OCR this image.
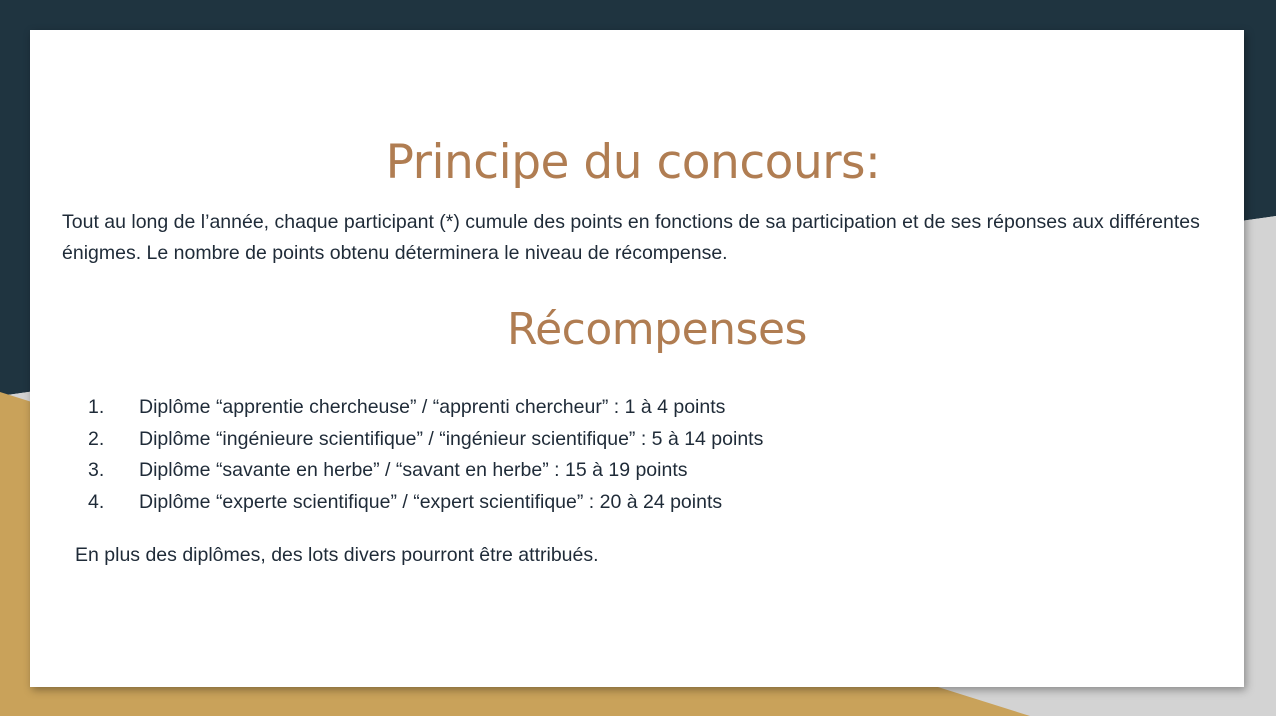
Principe du concours:

Tout au long de l’année, chaque participant (*) cumule des points en fonctions de sa participation et de ses réponses aux différentes énigmes. Le nombre de points obtenu déterminera le niveau de récompense.

Récompenses
1.	Diplôme “apprentie chercheuse” / “apprenti chercheur” : 1 à 4 points
2.	Diplôme “ingénieure scientifique” / “ingénieur scientifique” : 5 à 14 points
3.	Diplôme “savante en herbe” / “savant en herbe” : 15 à 19 points
4.	Diplôme “experte scientifique” / “expert scientifique” : 20 à 24 points

En plus des diplômes, des lots divers pourront être attribués.
